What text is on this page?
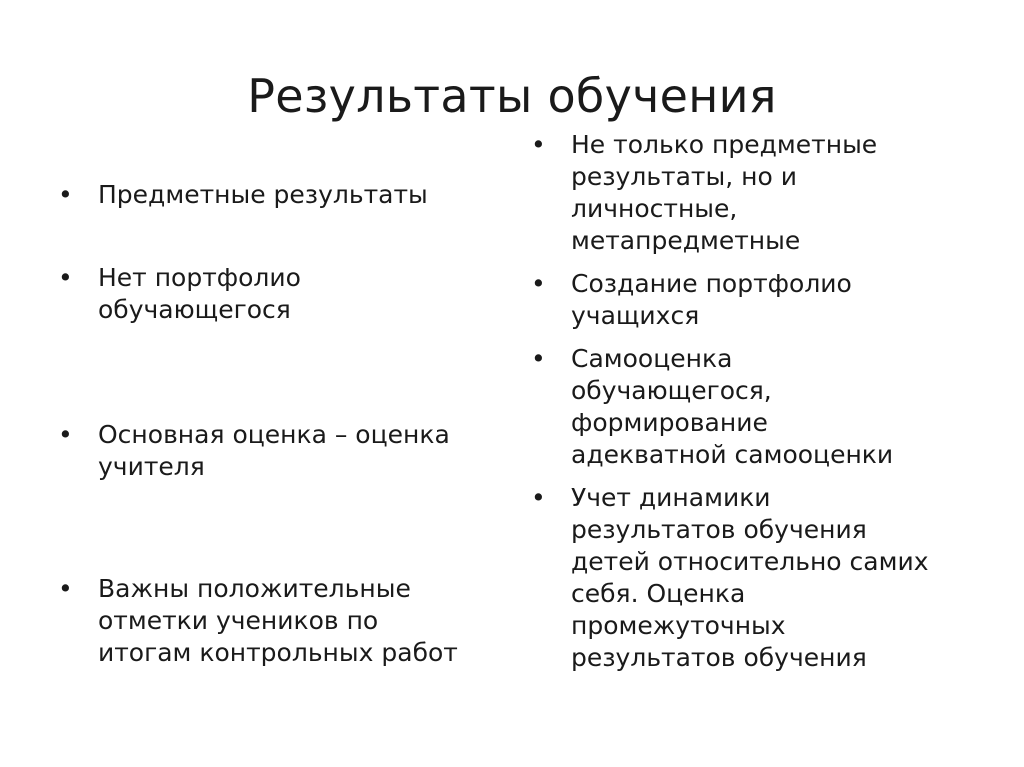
Результаты обучения
• Предметные результаты
• Нет портфолио
обучающегося
• Основная оценка – оценка
учителя
• Важны положительные
отметки учеников по
итогам контрольных работ
• Не только предметные
результаты, но и
личностные,
метапредметные
• Создание портфолио
учащихся
• Самооценка
обучающегося,
формирование
адекватной самооценки
• Учет динамики
результатов обучения
детей относительно самих
себя. Оценка
промежуточных
результатов обучения
